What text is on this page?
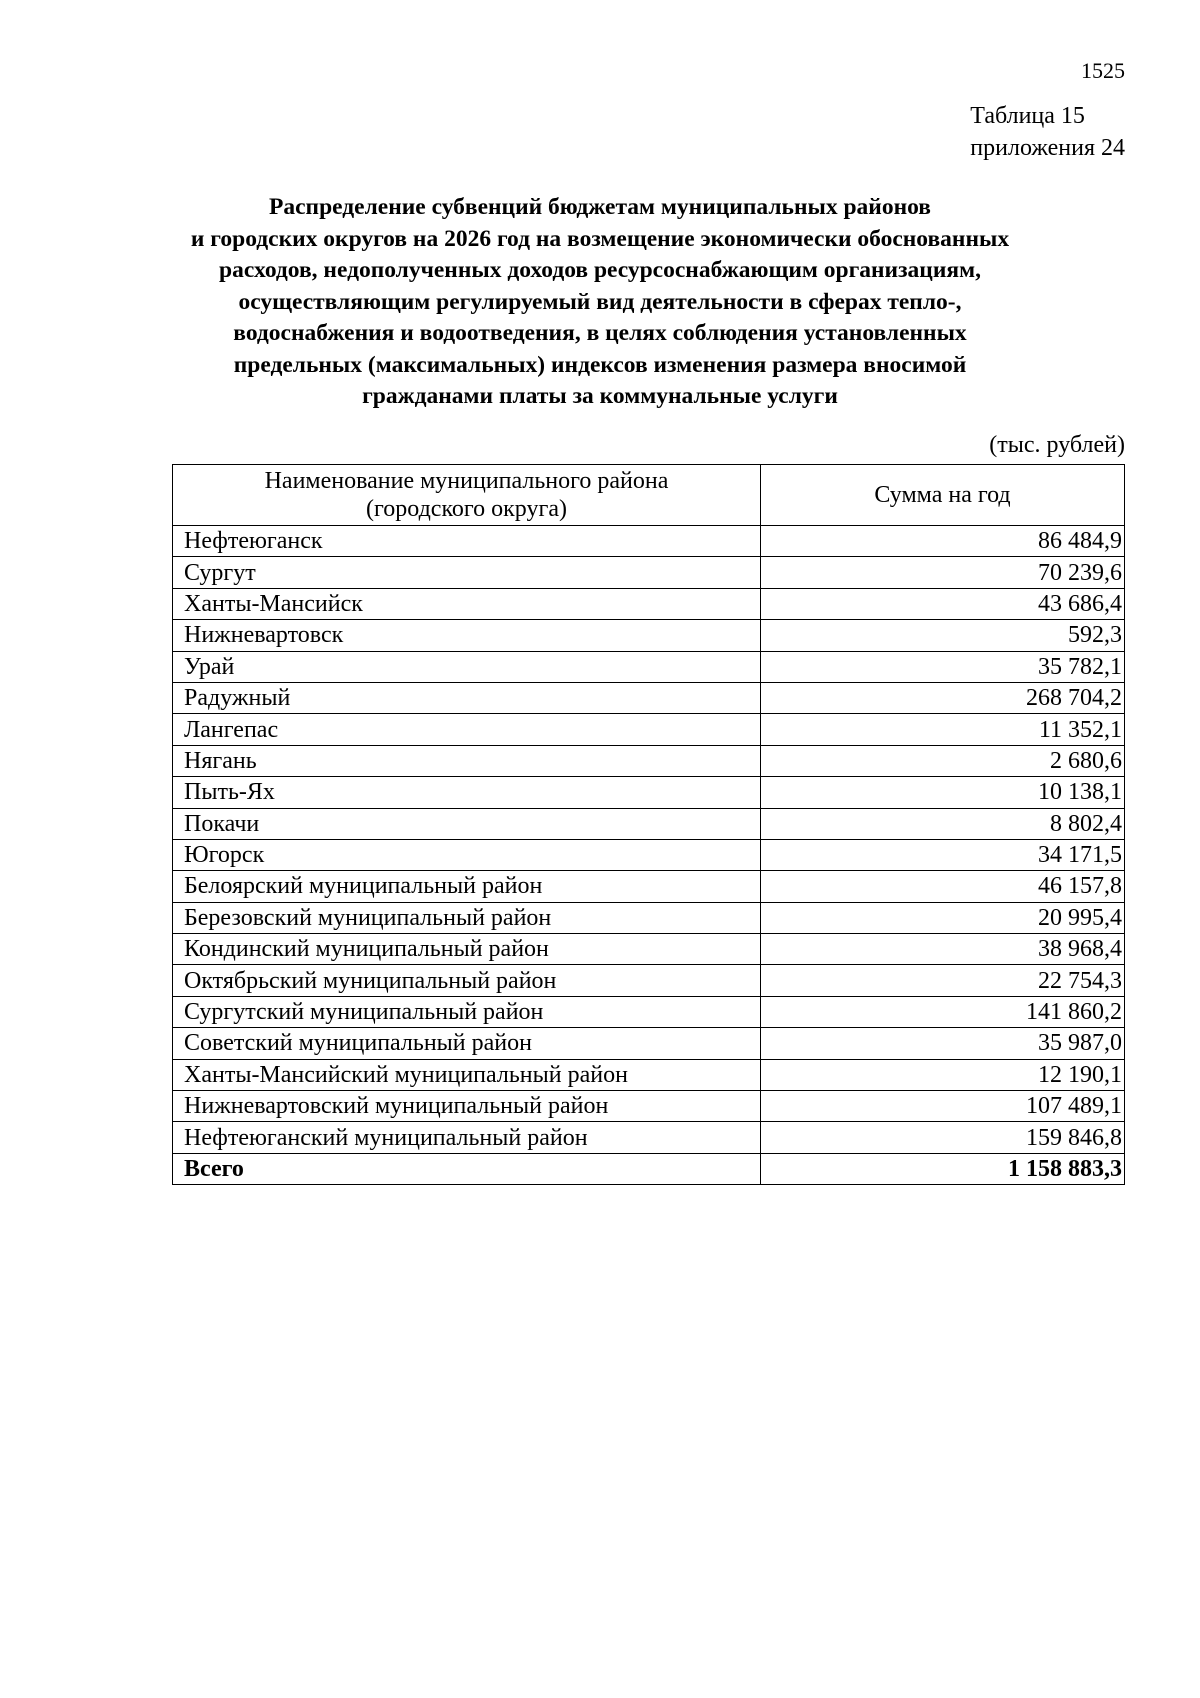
1525
Таблица 15
приложения 24
Распределение субвенций бюджетам муниципальных районов
и городских округов на 2026 год на возмещение экономически обоснованных
расходов, недополученных доходов ресурсоснабжающим организациям,
осуществляющим регулируемый вид деятельности в сферах тепло-,
водоснабжения и водоотведения, в целях соблюдения установленных
предельных (максимальных) индексов изменения размера вносимой
гражданами платы за коммунальные услуги
(тыс. рублей)
Наименование муниципального района
(городского округа)	Сумма на год
Нефтеюганск	86 484,9
Сургут	70 239,6
Ханты-Мансийск	43 686,4
Нижневартовск	592,3
Урай	35 782,1
Радужный	268 704,2
Лангепас	11 352,1
Нягань	2 680,6
Пыть-Ях	10 138,1
Покачи	8 802,4
Югорск	34 171,5
Белоярский муниципальный район	46 157,8
Березовский муниципальный район	20 995,4
Кондинский муниципальный район	38 968,4
Октябрьский муниципальный район	22 754,3
Сургутский муниципальный район	141 860,2
Советский муниципальный район	35 987,0
Ханты-Мансийский муниципальный район	12 190,1
Нижневартовский муниципальный район	107 489,1
Нефтеюганский муниципальный район	159 846,8
Всего	1 158 883,3
